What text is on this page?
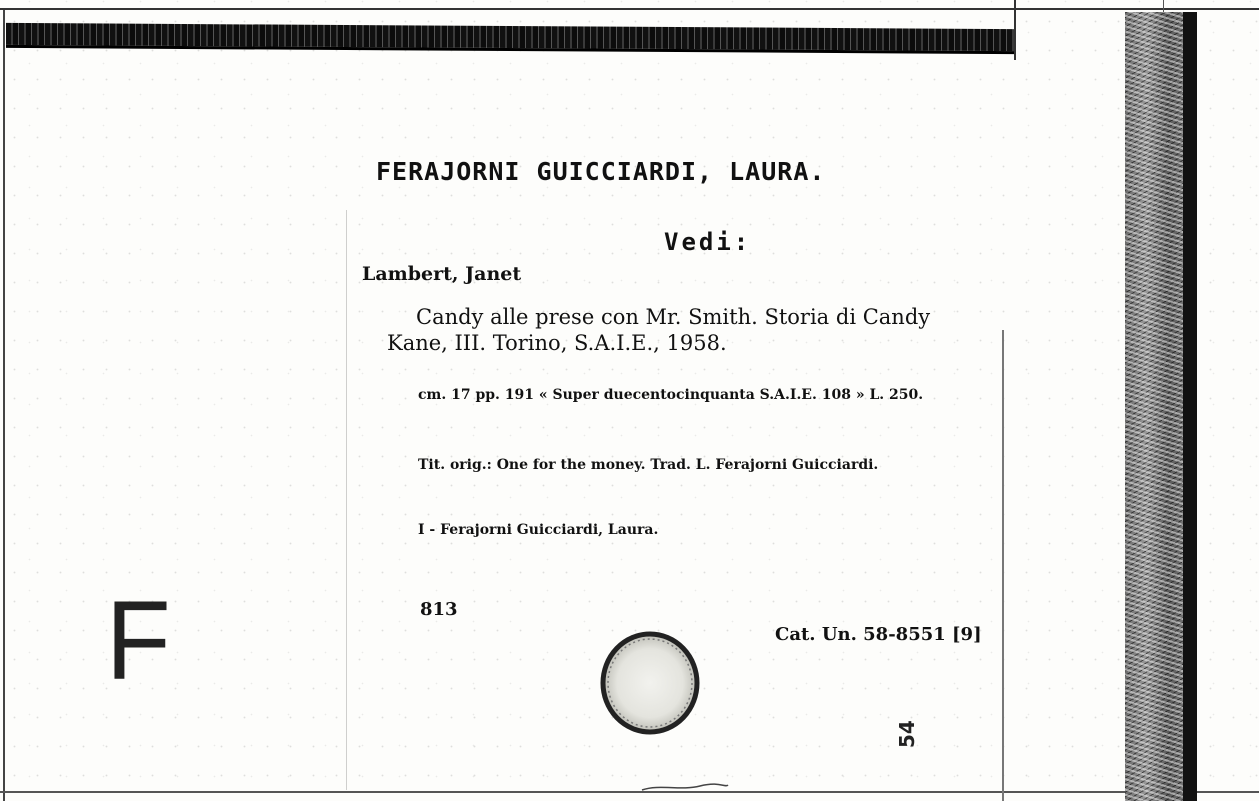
FERAJORNI GUICCIARDI, LAURA.
Vedi:
Lambert, Janet
Candy alle prese con Mr. Smith. Storia di Candy
Kane, III. Torino, S.A.I.E., 1958.
cm. 17 pp. 191 « Super duecentocinquanta S.A.I.E. 108 » L. 250.
Tit. orig.: One for the money. Trad. L. Ferajorni Guicciardi.
I - Ferajorni Guicciardi, Laura.
813
Cat. Un. 58-8551 [9]
F
54
